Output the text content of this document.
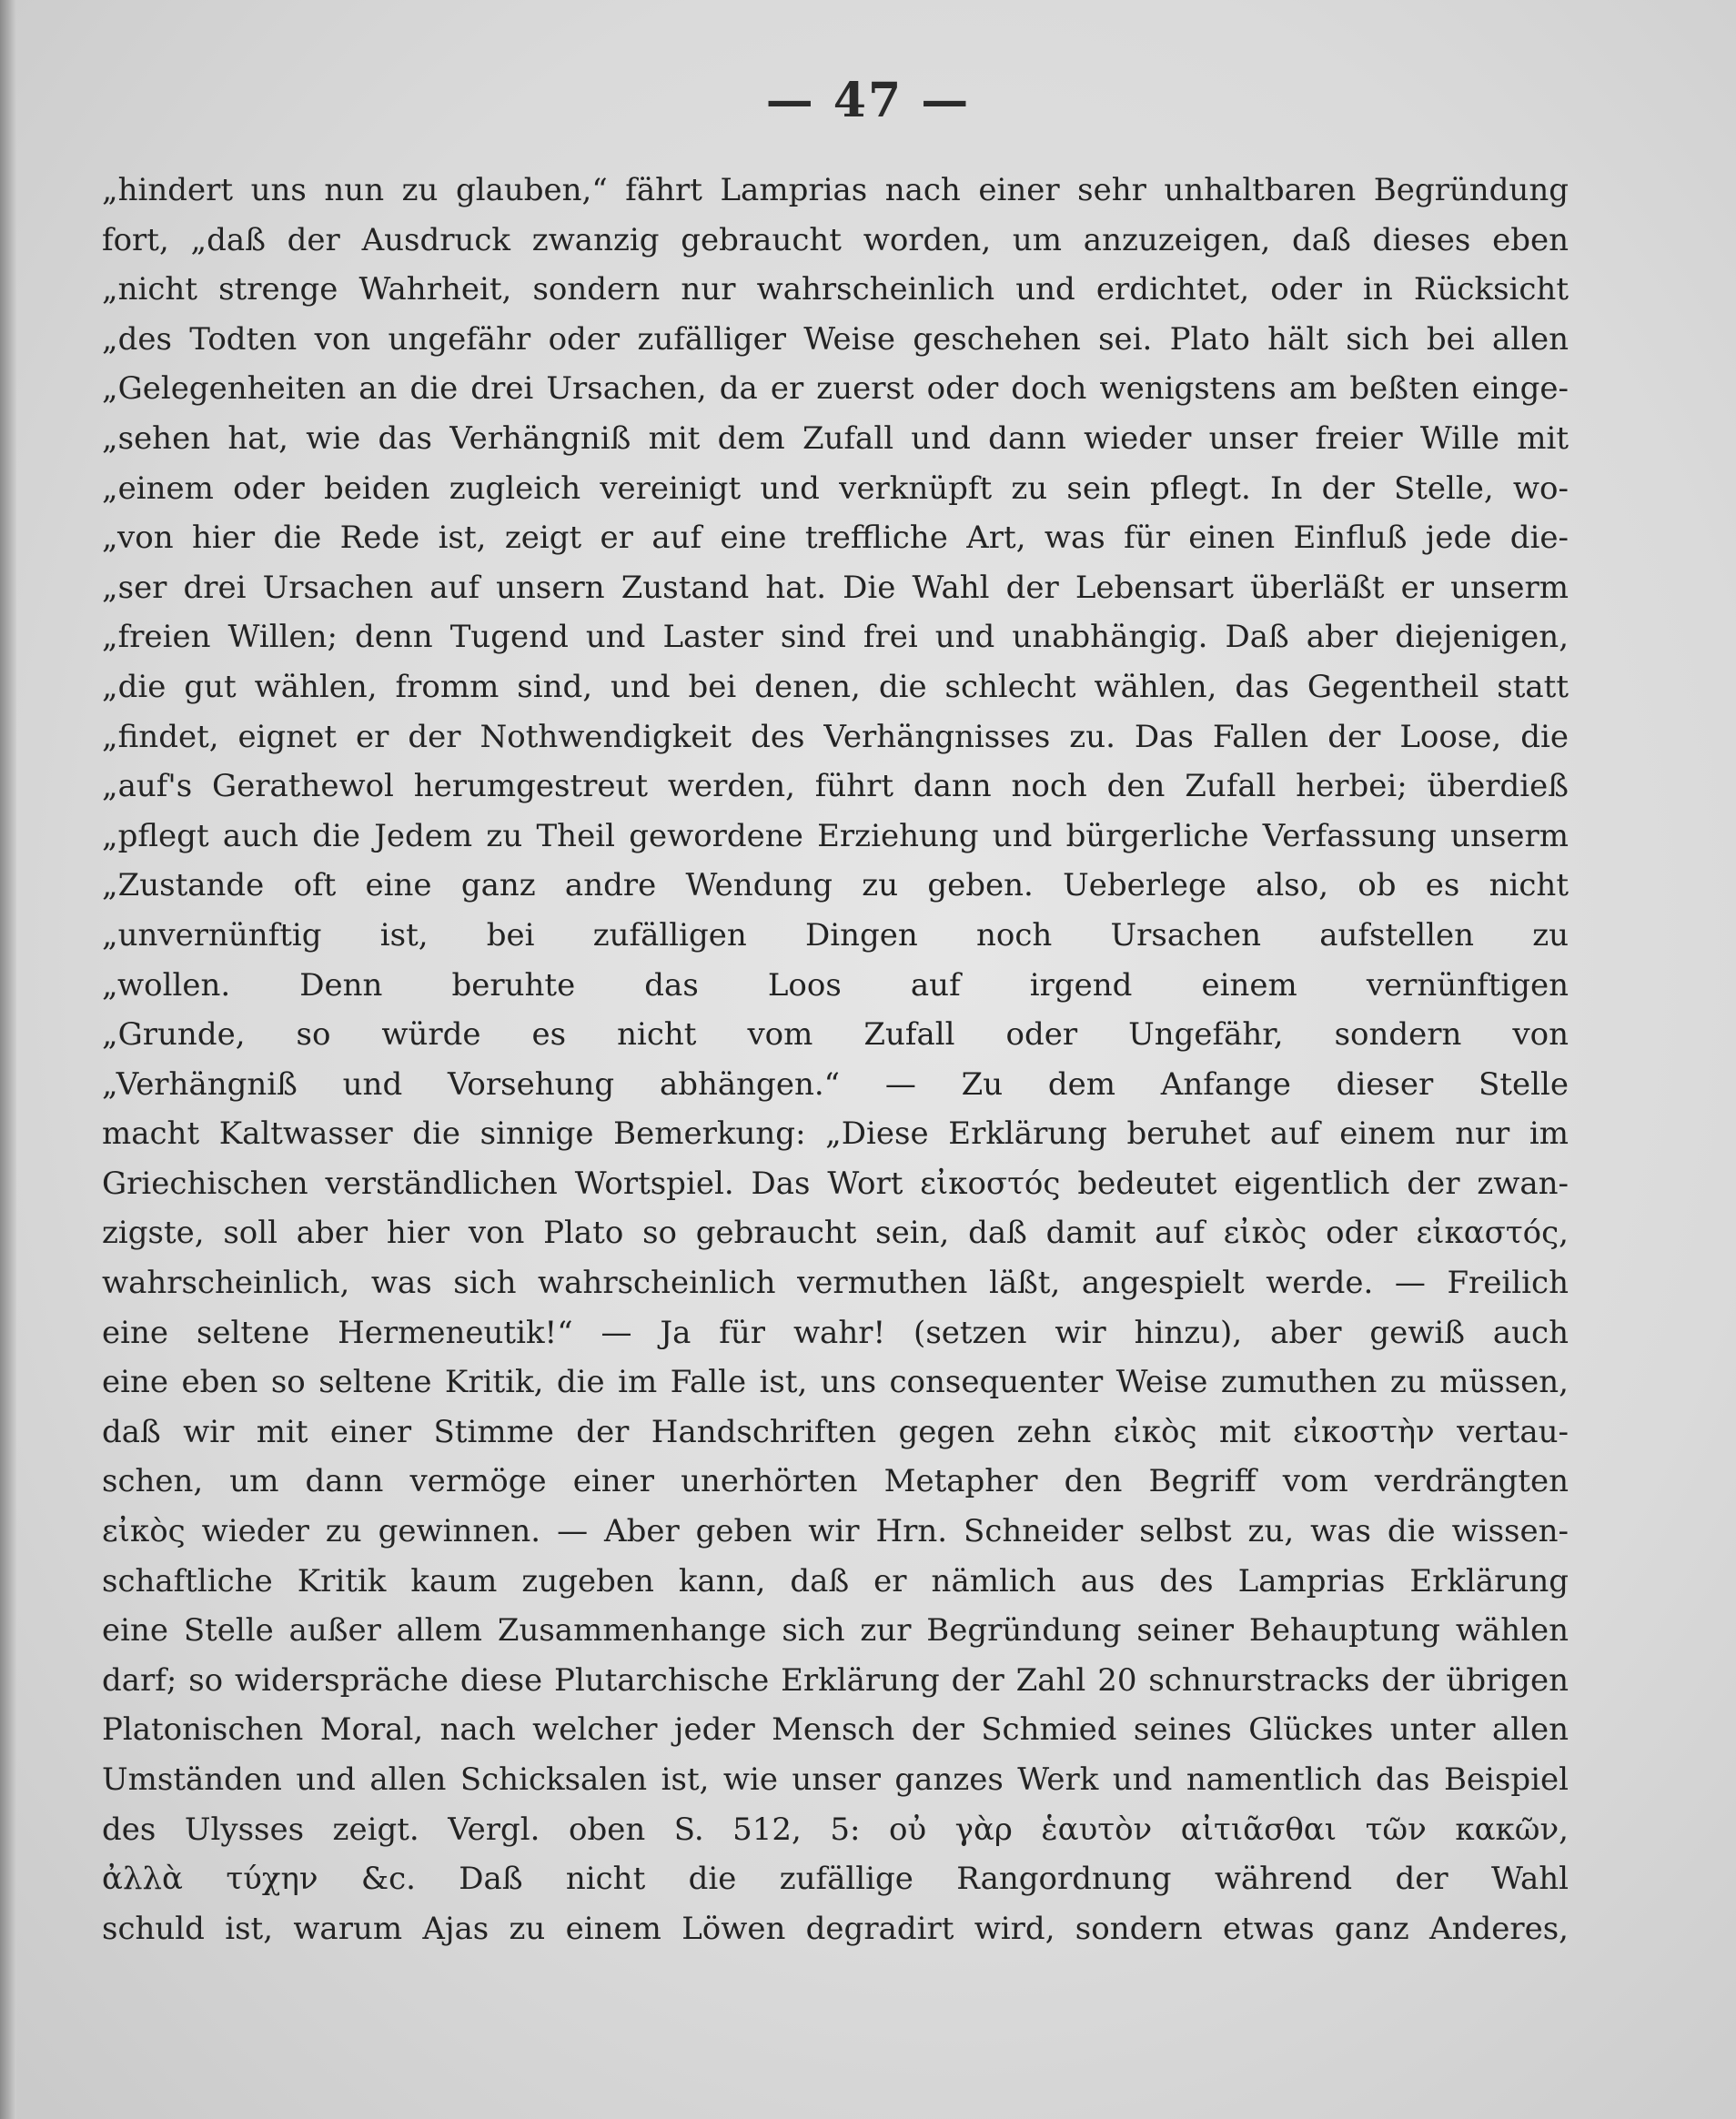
— 47 —
„hindert uns nun zu glauben,“ fährt Lamprias nach einer sehr unhaltbaren Begründung
fort, „daß der Ausdruck zwanzig gebraucht worden, um anzuzeigen, daß dieses eben
„nicht strenge Wahrheit, sondern nur wahrscheinlich und erdichtet, oder in Rücksicht
„des Todten von ungefähr oder zufälliger Weise geschehen sei. Plato hält sich bei allen
„Gelegenheiten an die drei Ursachen, da er zuerst oder doch wenigstens am beßten einge-
„sehen hat, wie das Verhängniß mit dem Zufall und dann wieder unser freier Wille mit
„einem oder beiden zugleich vereinigt und verknüpft zu sein pflegt. In der Stelle, wo-
„von hier die Rede ist, zeigt er auf eine treffliche Art, was für einen Einfluß jede die-
„ser drei Ursachen auf unsern Zustand hat. Die Wahl der Lebensart überläßt er unserm
„freien Willen; denn Tugend und Laster sind frei und unabhängig. Daß aber diejenigen,
„die gut wählen, fromm sind, und bei denen, die schlecht wählen, das Gegentheil statt
„findet, eignet er der Nothwendigkeit des Verhängnisses zu. Das Fallen der Loose, die
„auf's Gerathewol herumgestreut werden, führt dann noch den Zufall herbei; überdieß
„pflegt auch die Jedem zu Theil gewordene Erziehung und bürgerliche Verfassung unserm
„Zustande oft eine ganz andre Wendung zu geben. Ueberlege also, ob es nicht
„unvernünftig ist, bei zufälligen Dingen noch Ursachen aufstellen zu
„wollen. Denn beruhte das Loos auf irgend einem vernünftigen
„Grunde, so würde es nicht vom Zufall oder Ungefähr, sondern von
„Verhängniß und Vorsehung abhängen.“ — Zu dem Anfange dieser Stelle
macht Kaltwasser die sinnige Bemerkung: „Diese Erklärung beruhet auf einem nur im
Griechischen verständlichen Wortspiel. Das Wort εἰκοστός bedeutet eigentlich der zwan-
zigste, soll aber hier von Plato so gebraucht sein, daß damit auf εἰκὸς oder εἰκαστός,
wahrscheinlich, was sich wahrscheinlich vermuthen läßt, angespielt werde. — Freilich
eine seltene Hermeneutik!“ — Ja für wahr! (setzen wir hinzu), aber gewiß auch
eine eben so seltene Kritik, die im Falle ist, uns consequenter Weise zumuthen zu müssen,
daß wir mit einer Stimme der Handschriften gegen zehn εἰκὸς mit εἰκοστὴν vertau-
schen, um dann vermöge einer unerhörten Metapher den Begriff vom verdrängten
εἰκὸς wieder zu gewinnen. — Aber geben wir Hrn. Schneider selbst zu, was die wissen-
schaftliche Kritik kaum zugeben kann, daß er nämlich aus des Lamprias Erklärung
eine Stelle außer allem Zusammenhange sich zur Begründung seiner Behauptung wählen
darf; so widerspräche diese Plutarchische Erklärung der Zahl 20 schnurstracks der übrigen
Platonischen Moral, nach welcher jeder Mensch der Schmied seines Glückes unter allen
Umständen und allen Schicksalen ist, wie unser ganzes Werk und namentlich das Beispiel
des Ulysses zeigt. Vergl. oben S. 512, 5: οὐ γὰρ ἑαυτὸν αἰτιᾶσθαι τῶν κακῶν,
ἀλλὰ τύχην &c. Daß nicht die zufällige Rangordnung während der Wahl
schuld ist, warum Ajas zu einem Löwen degradirt wird, sondern etwas ganz Anderes,
